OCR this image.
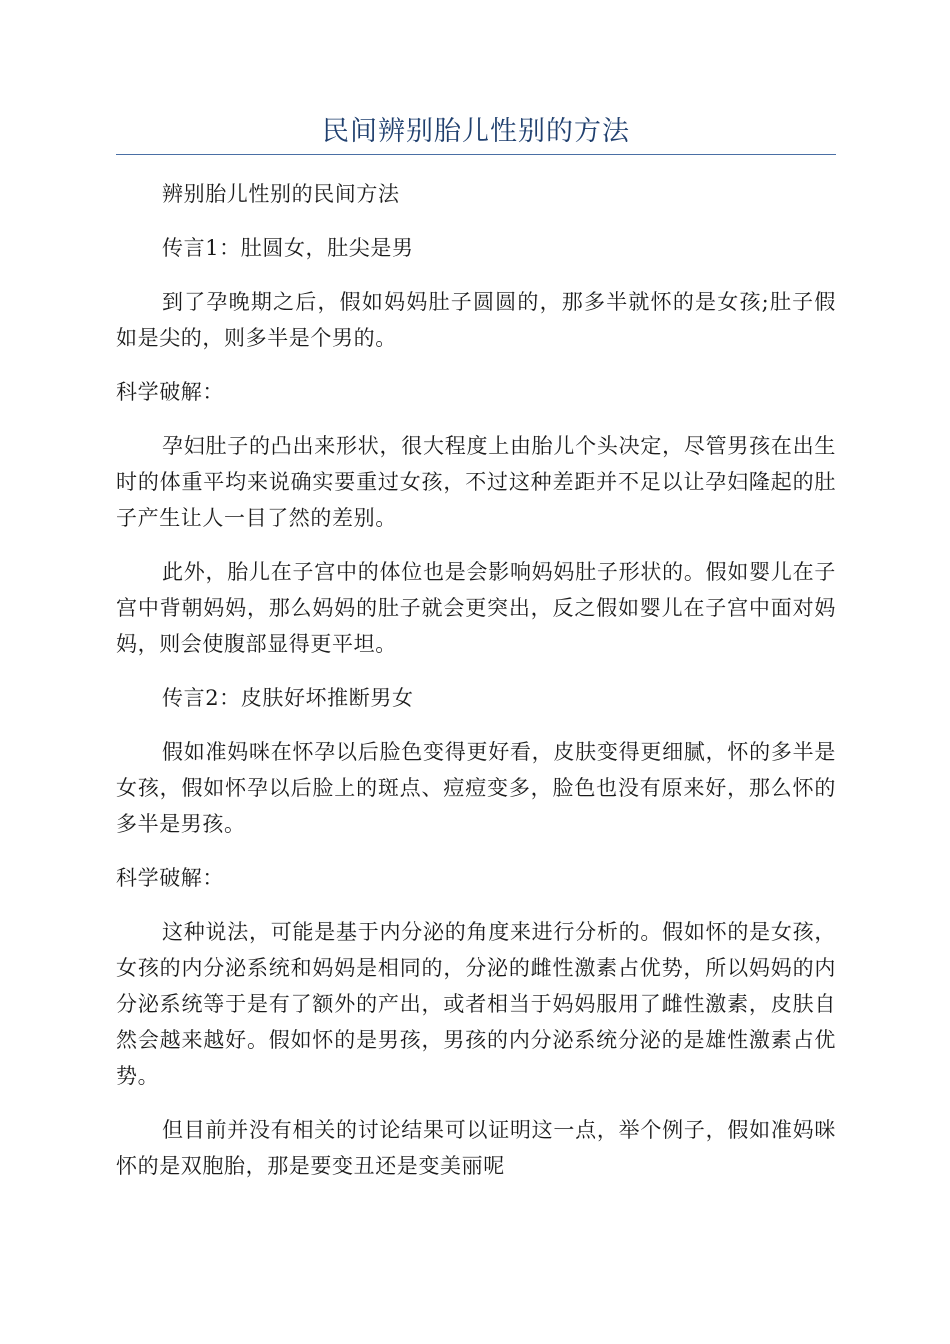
民间辨别胎儿性别的方法

辨别胎儿性别的民间方法

传言1：肚圆女，肚尖是男

到了孕晚期之后，假如妈妈肚子圆圆的，那多半就怀的是女孩;肚子假如是尖的，则多半是个男的。

科学破解：

孕妇肚子的凸出来形状，很大程度上由胎儿个头决定，尽管男孩在出生时的体重平均来说确实要重过女孩，不过这种差距并不足以让孕妇隆起的肚子产生让人一目了然的差别。

此外，胎儿在子宫中的体位也是会影响妈妈肚子形状的。假如婴儿在子宫中背朝妈妈，那么妈妈的肚子就会更突出，反之假如婴儿在子宫中面对妈妈，则会使腹部显得更平坦。

传言2：皮肤好坏推断男女

假如准妈咪在怀孕以后脸色变得更好看，皮肤变得更细腻，怀的多半是女孩，假如怀孕以后脸上的斑点、痘痘变多，脸色也没有原来好，那么怀的多半是男孩。

科学破解：

这种说法，可能是基于内分泌的角度来进行分析的。假如怀的是女孩，女孩的内分泌系统和妈妈是相同的，分泌的雌性激素占优势，所以妈妈的内分泌系统等于是有了额外的产出，或者相当于妈妈服用了雌性激素，皮肤自然会越来越好。假如怀的是男孩，男孩的内分泌系统分泌的是雄性激素占优势。

但目前并没有相关的讨论结果可以证明这一点，举个例子，假如准妈咪怀的是双胞胎，那是要变丑还是变美丽呢
